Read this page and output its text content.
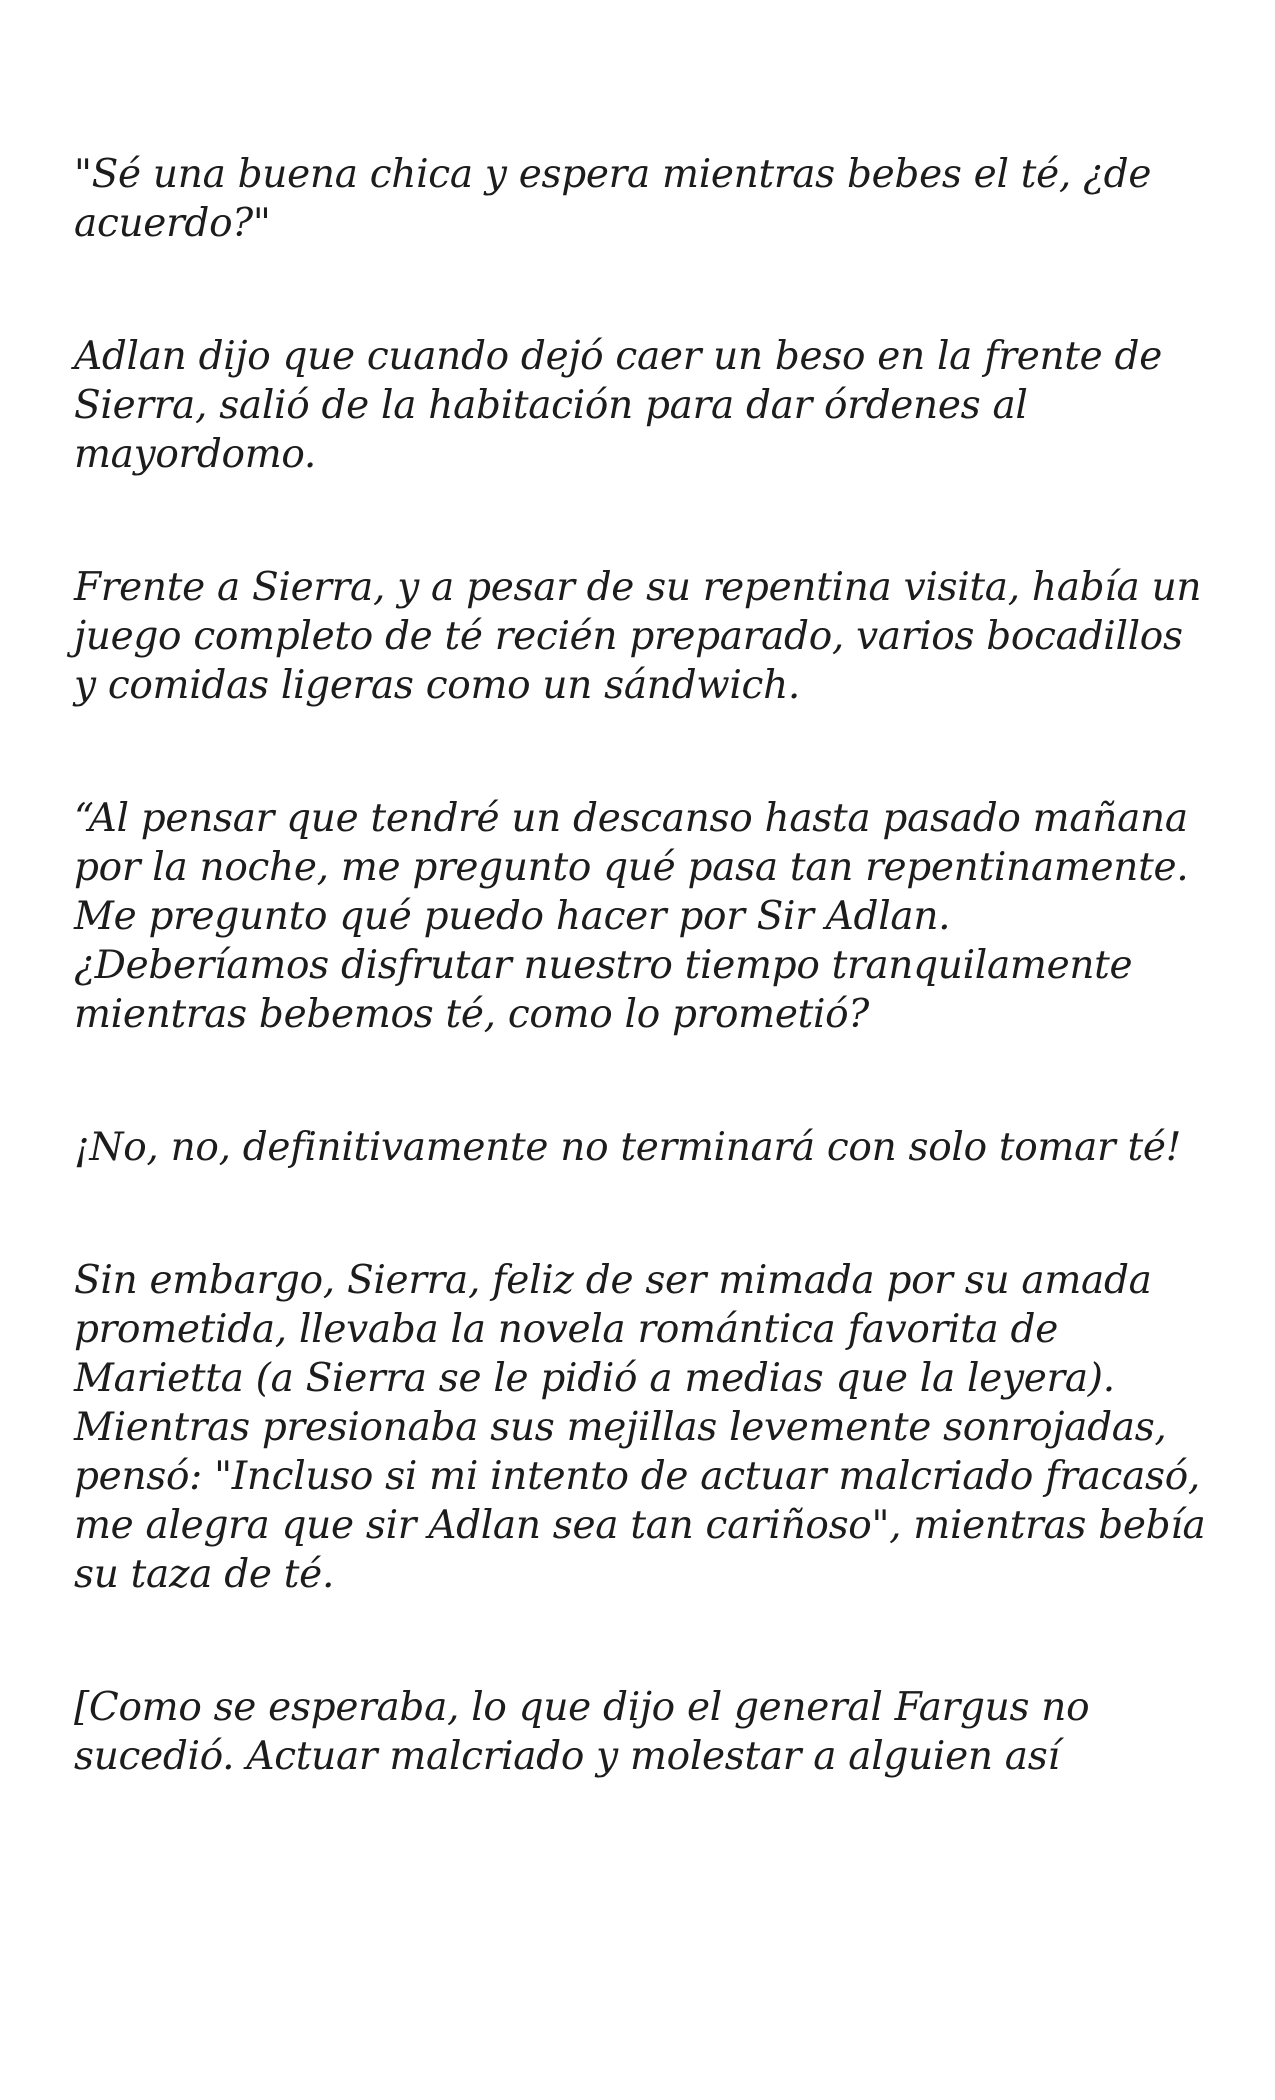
"Sé una buena chica y espera mientras bebes el té, ¿de acuerdo?"

Adlan dijo que cuando dejó caer un beso en la frente de Sierra, salió de la habitación para dar órdenes al mayordomo.

Frente a Sierra, y a pesar de su repentina visita, había un juego completo de té recién preparado, varios bocadillos y comidas ligeras como un sándwich.

“Al pensar que tendré un descanso hasta pasado mañana por la noche, me pregunto qué pasa tan repentinamente. Me pregunto qué puedo hacer por Sir Adlan. ¿Deberíamos disfrutar nuestro tiempo tranquilamente mientras bebemos té, como lo prometió?

¡No, no, definitivamente no terminará con solo tomar té!

Sin embargo, Sierra, feliz de ser mimada por su amada prometida, llevaba la novela romántica favorita de Marietta (a Sierra se le pidió a medias que la leyera). Mientras presionaba sus mejillas levemente sonrojadas, pensó: "Incluso si mi intento de actuar malcriado fracasó, me alegra que sir Adlan sea tan cariñoso", mientras bebía su taza de té.

[Como se esperaba, lo que dijo el general Fargus no sucedió. Actuar malcriado y molestar a alguien así
